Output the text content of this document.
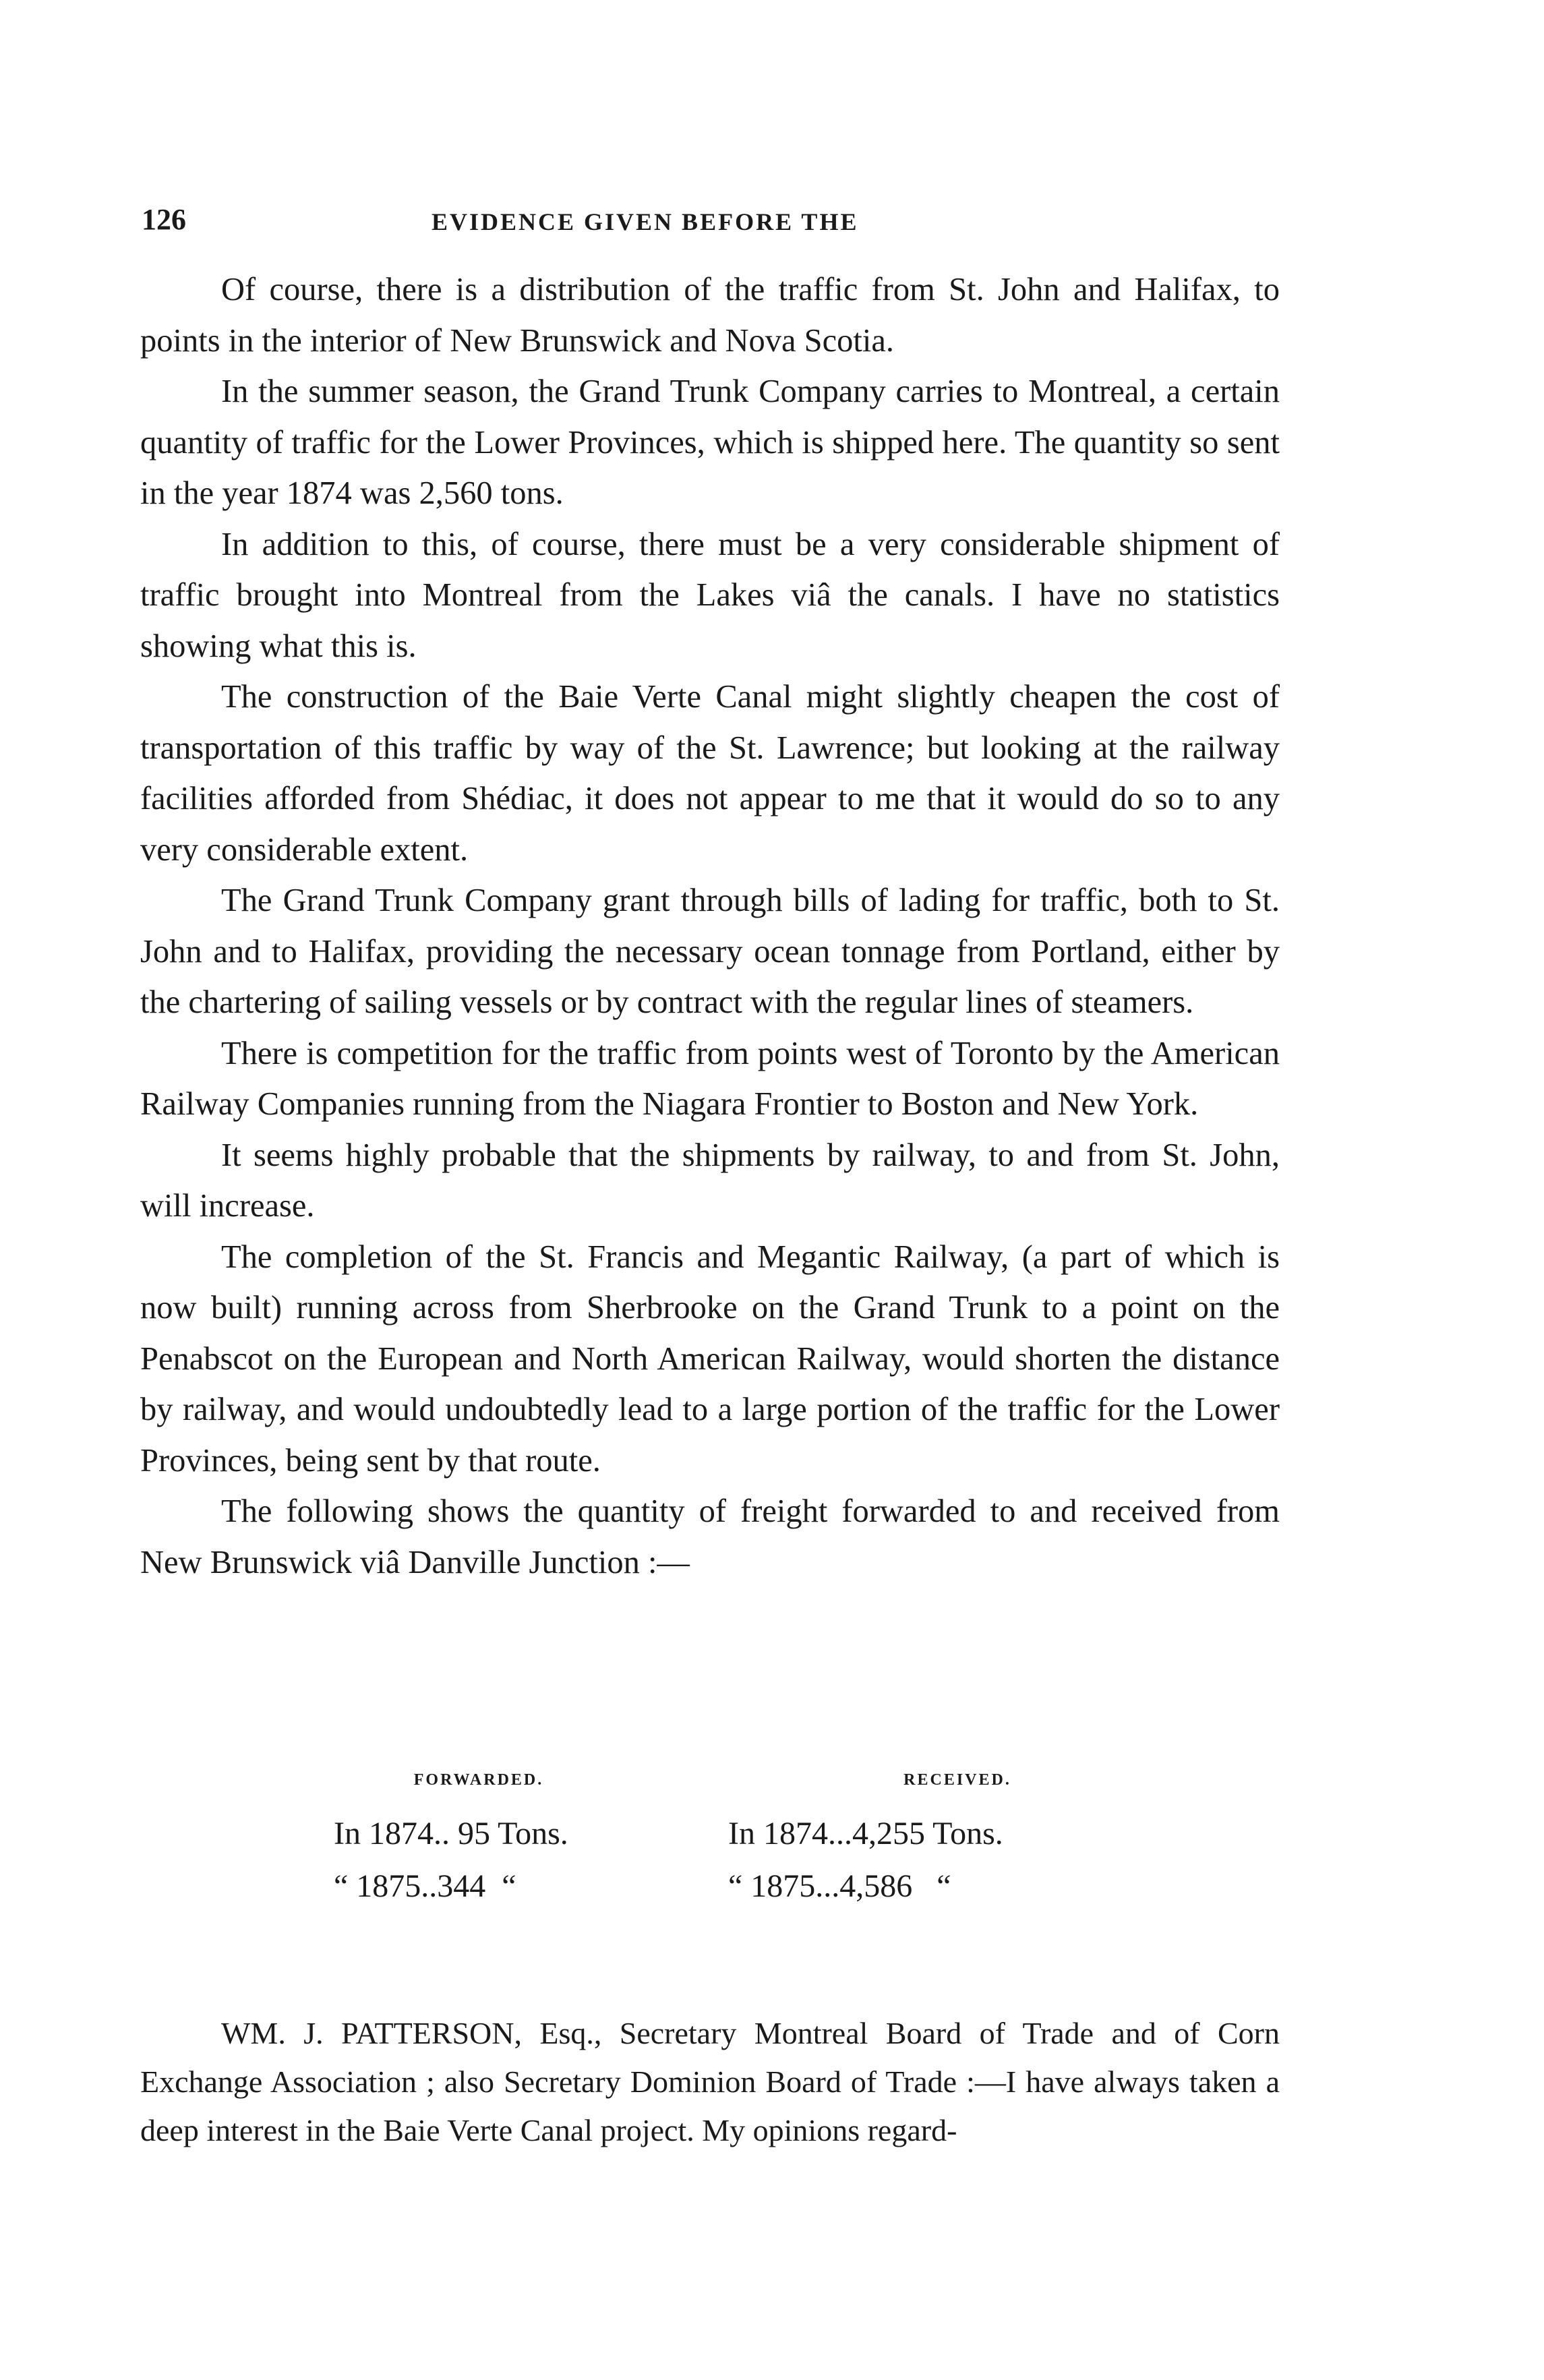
126	EVIDENCE GIVEN BEFORE THE

Of course, there is a distribution of the traffic from St. John and Halifax, to points in the interior of New Brunswick and Nova Scotia.

In the summer season, the Grand Trunk Company carries to Montreal, a certain quantity of traffic for the Lower Provinces, which is shipped here. The quantity so sent in the year 1874 was 2,560 tons.

In addition to this, of course, there must be a very considerable shipment of traffic brought into Montreal from the Lakes viâ the canals. I have no statistics showing what this is.

The construction of the Baie Verte Canal might slightly cheapen the cost of transportation of this traffic by way of the St. Lawrence; but looking at the railway facilities afforded from Shédiac, it does not appear to me that it would do so to any very considerable extent.

The Grand Trunk Company grant through bills of lading for traffic, both to St. John and to Halifax, providing the necessary ocean tonnage from Portland, either by the chartering of sailing vessels or by contract with the regular lines of steamers.

There is competition for the traffic from points west of Toronto by the American Railway Companies running from the Niagara Frontier to Boston and New York.

It seems highly probable that the shipments by railway, to and from St. John, will increase.

The completion of the St. Francis and Megantic Railway, (a part of which is now built) running across from Sherbrooke on the Grand Trunk to a point on the Penabscot on the European and North American Railway, would shorten the distance by railway, and would undoubtedly lead to a large portion of the traffic for the Lower Provinces, being sent by that route.

The following shows the quantity of freight forwarded to and received from New Brunswick viâ Danville Junction :—

FORWARDED.
In 1874.. 95 Tons.
“ 1875..344  “
RECEIVED.
In 1874...4,255 Tons.
“ 1875...4,586   “

WM. J. PATTERSON, Esq., Secretary Montreal Board of Trade and of Corn Exchange Association ; also Secretary Dominion Board of Trade :—I have always taken a deep interest in the Baie Verte Canal project. My opinions regard-
